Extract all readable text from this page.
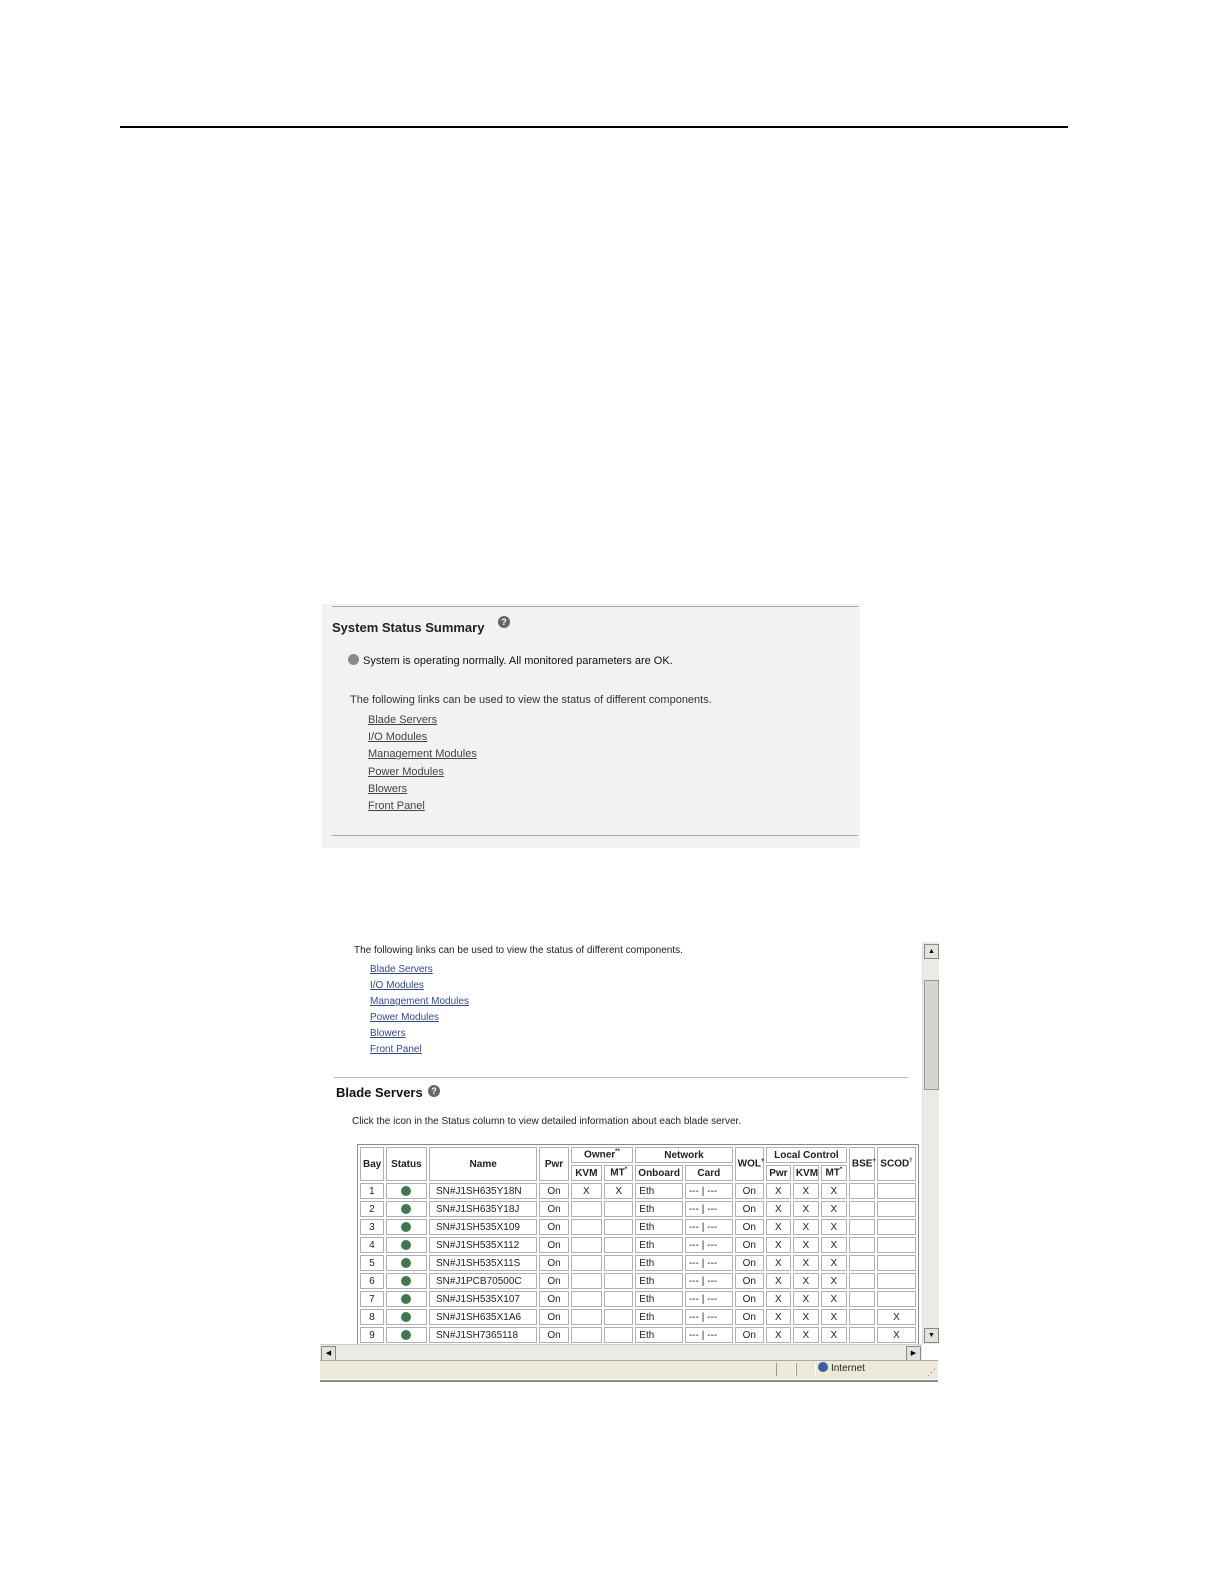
System Status Summary	?
System is operating normally. All monitored parameters are OK.
The following links can be used to view the status of different components.
Blade Servers
I/O Modules
Management Modules
Power Modules
Blowers
Front Panel
The following links can be used to view the status of different components.
Blade Servers
I/O Modules
Management Modules
Power Modules
Blowers
Front Panel
Blade Servers ?
Click the icon in the Status column to view detailed information about each blade server.
Bay	Status	Name	Pwr	Owner**		Network		WOL+	Local Control			BSE+	SCOD†
				KVM	MT*	Onboard	Card		Pwr	KVM	MT*
1		SN#J1SH635Y18N	On	X	X	Eth	--- | ---	On	X	X	X		
2		SN#J1SH635Y18J	On			Eth	--- | ---	On	X	X	X		
3		SN#J1SH535X109	On			Eth	--- | ---	On	X	X	X		
4		SN#J1SH535X112	On			Eth	--- | ---	On	X	X	X		
5		SN#J1SH535X11S	On			Eth	--- | ---	On	X	X	X		
6		SN#J1PCB70500C	On			Eth	--- | ---	On	X	X	X		
7		SN#J1SH535X107	On			Eth	--- | ---	On	X	X	X		
8		SN#J1SH635X1A6	On			Eth	--- | ---	On	X	X	X		X
9		SN#J1SH7365118	On			Eth	--- | ---	On	X	X	X		X
▲
▼
◀	▶
Internet	⋰
